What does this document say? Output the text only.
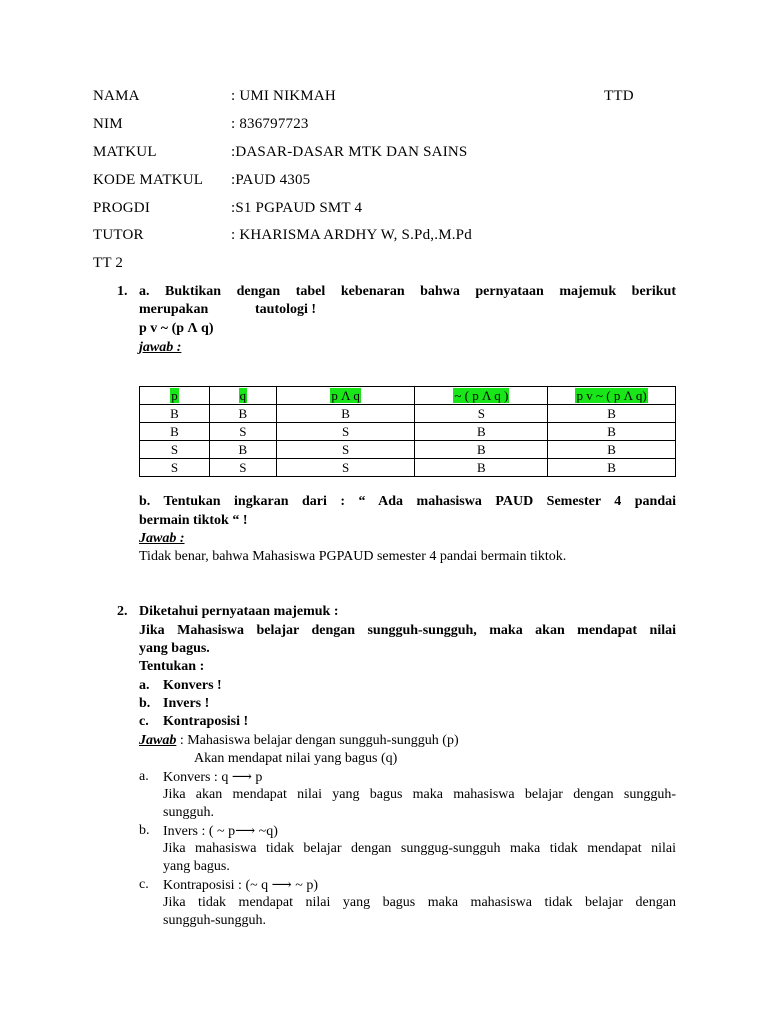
NAMA	: UMI NIKMAH	TTD
NIM	: 836797723
MATKUL	:DASAR-DASAR MTK DAN SAINS
KODE MATKUL :PAUD 4305
PROGDI	:S1 PGPAUD SMT 4
TUTOR	: KHARISMA ARDHY W, S.Pd,.M.Pd
TT 2
1. a. Buktikan dengan tabel kebenaran bahwa pernyataan majemuk berikut
merupakan	tautologi !
p v ~ (p Λ q)
jawab :
p	q	p Λ q	~ ( p Λ q )	p v ~ ( p Λ q)
B	B	B	S	B
B	S	S	B	B
S	B	S	B	B
S	S	S	B	B
b. Tentukan ingkaran dari : “ Ada mahasiswa PAUD Semester 4 pandai
bermain tiktok “ !
Jawab :
Tidak benar, bahwa Mahasiswa PGPAUD semester 4 pandai bermain tiktok.
2. Diketahui pernyataan majemuk :
Jika Mahasiswa belajar dengan sungguh-sungguh, maka akan mendapat nilai
yang bagus.
Tentukan :
a. Konvers !
b. Invers !
c. Kontraposisi !
Jawab : Mahasiswa belajar dengan sungguh-sungguh (p)
Akan mendapat nilai yang bagus (q)
a. Konvers : q ⟶ p
Jika akan mendapat nilai yang bagus maka mahasiswa belajar dengan sungguh-
sungguh.
b. Invers : ( ~ p⟶ ~q)
Jika mahasiswa tidak belajar dengan sunggug-sungguh maka tidak mendapat nilai
yang bagus.
c. Kontraposisi : (~ q ⟶ ~ p)
Jika tidak mendapat nilai yang bagus maka mahasiswa tidak belajar dengan
sungguh-sungguh.
